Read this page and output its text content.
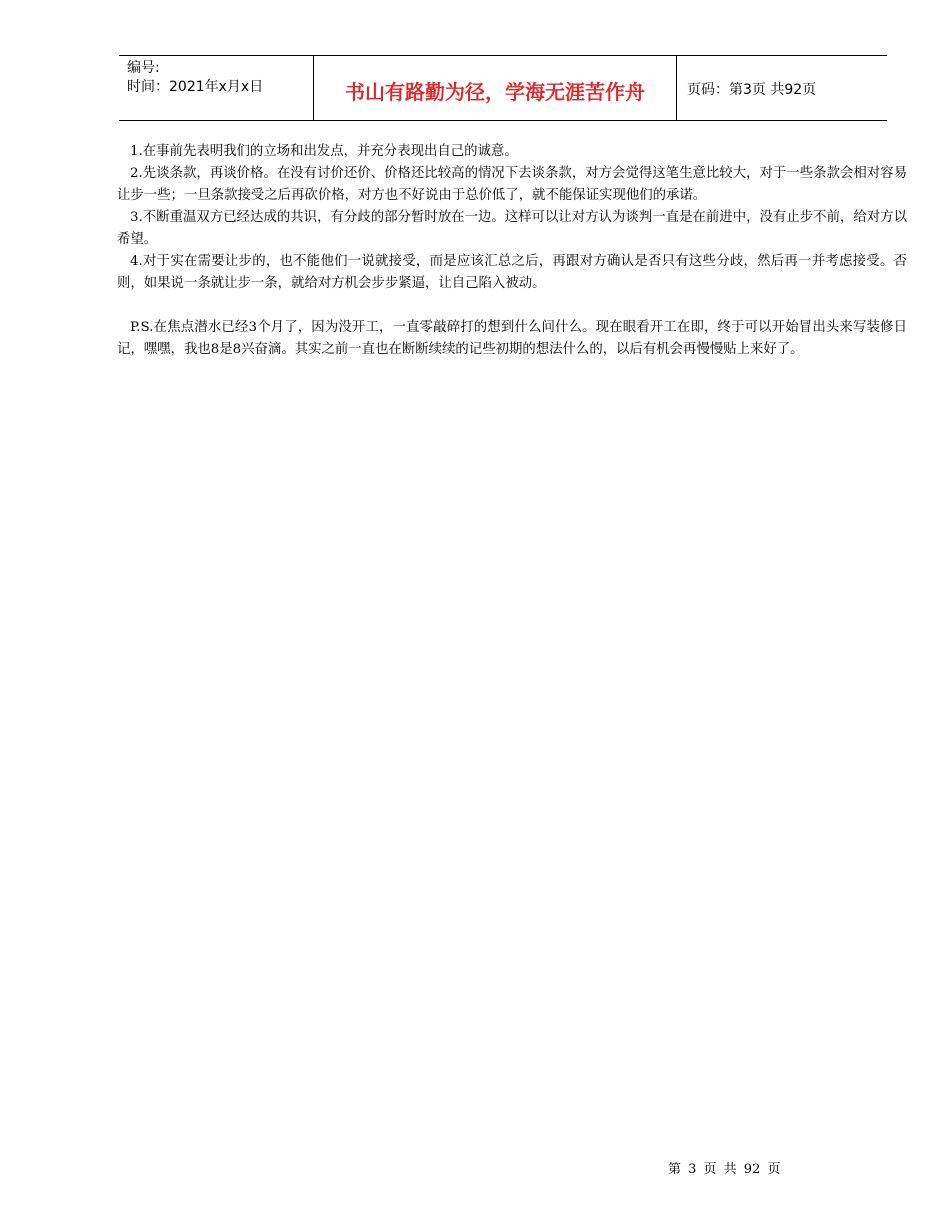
编号:
时间：2021年x月x日	书山有路勤为径，学海无涯苦作舟	页码：第3页 共92页

1.在事前先表明我们的立场和出发点，并充分表现出自己的诚意。

2.先谈条款，再谈价格。在没有讨价还价、价格还比较高的情况下去谈条款，对方会觉得这笔生意比较大，对于一些条款会相对容易让步一些；一旦条款接受之后再砍价格，对方也不好说由于总价低了，就不能保证实现他们的承诺。

3.不断重温双方已经达成的共识，有分歧的部分暂时放在一边。这样可以让对方认为谈判一直是在前进中，没有止步不前，给对方以希望。

4.对于实在需要让步的，也不能他们一说就接受，而是应该汇总之后，再跟对方确认是否只有这些分歧，然后再一并考虑接受。否则，如果说一条就让步一条，就给对方机会步步紧逼，让自己陷入被动。

P.S.在焦点潜水已经3个月了，因为没开工，一直零敲碎打的想到什么问什么。现在眼看开工在即，终于可以开始冒出头来写装修日记，嘿嘿，我也8是8兴奋滴。其实之前一直也在断断续续的记些初期的想法什么的，以后有机会再慢慢贴上来好了。

第 3 页 共 92 页
